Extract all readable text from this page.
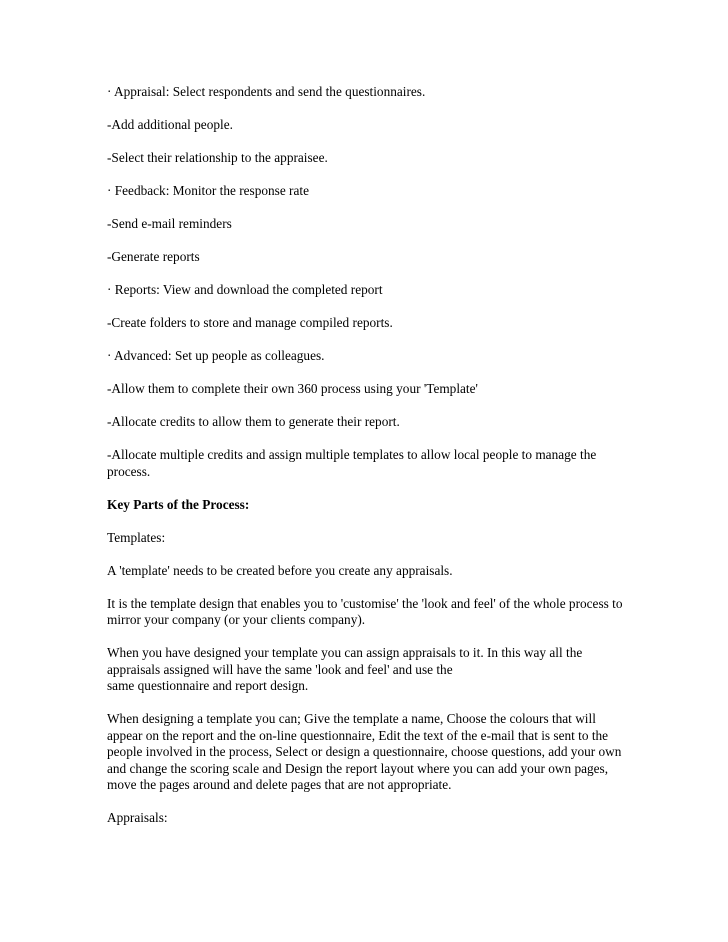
· Appraisal: Select respondents and send the questionnaires.

-Add additional people.

-Select their relationship to the appraisee.

· Feedback: Monitor the response rate

-Send e-mail reminders

-Generate reports

· Reports: View and download the completed report

-Create folders to store and manage compiled reports.

· Advanced: Set up people as colleagues.

-Allow them to complete their own 360 process using your 'Template'

-Allocate credits to allow them to generate their report.

-Allocate multiple credits and assign multiple templates to allow local people to manage the process.

Key Parts of the Process:

Templates:

A 'template' needs to be created before you create any appraisals.

It is the template design that enables you to 'customise' the 'look and feel' of the whole process to mirror your company (or your clients company).

When you have designed your template you can assign appraisals to it. In this way all the appraisals assigned will have the same 'look and feel' and use the

same questionnaire and report design.

When designing a template you can; Give the template a name, Choose the colours that will appear on the report and the on-line questionnaire, Edit the text of the e-mail that is sent to the people involved in the process, Select or design a questionnaire, choose questions, add your own and change the scoring scale and Design the report layout where you can add your own pages, move the pages around and delete pages that are not appropriate.

Appraisals:
